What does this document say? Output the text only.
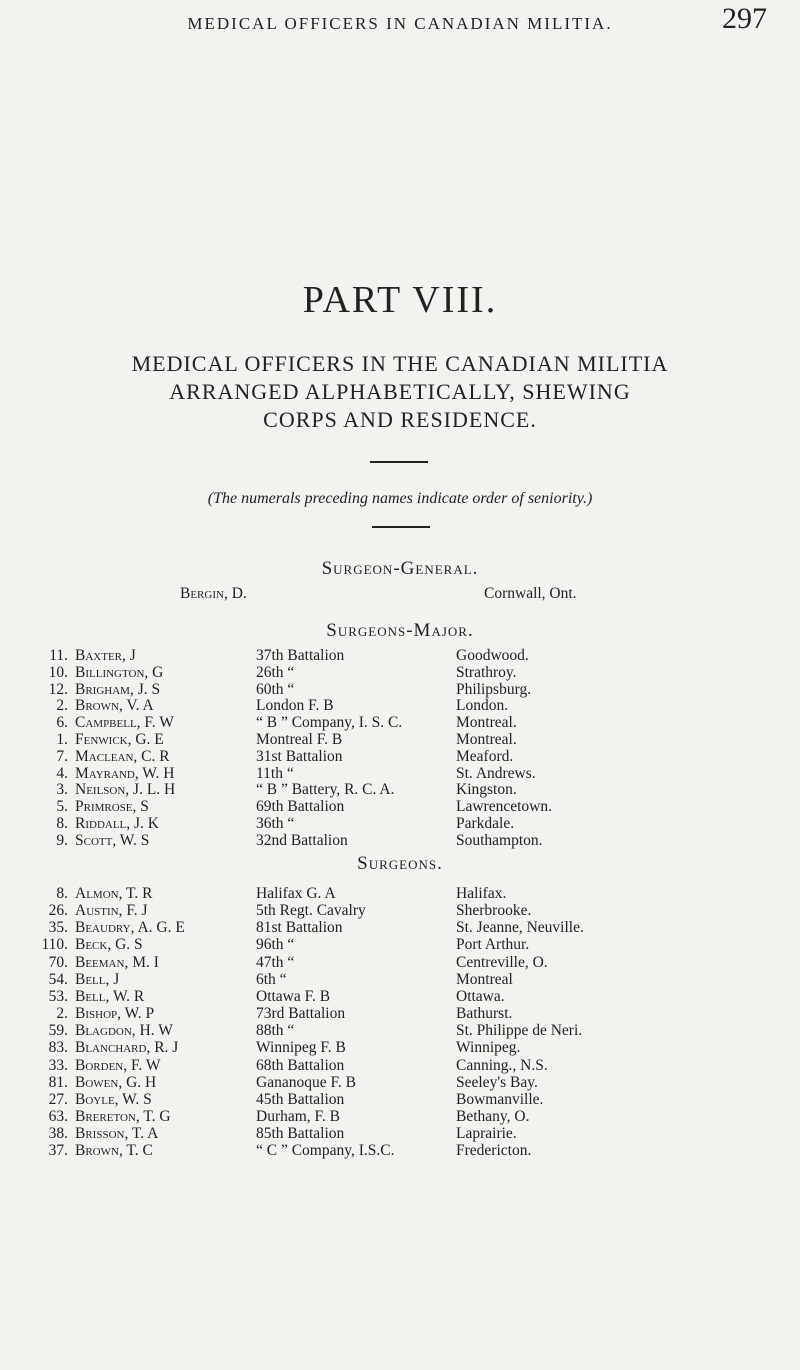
MEDICAL OFFICERS IN CANADIAN MILITIA.	297
PART VIII.
MEDICAL OFFICERS IN THE CANADIAN MILITIA
ARRANGED ALPHABETICALLY, SHEWING
CORPS AND RESIDENCE.
(The numerals preceding names indicate order of seniority.)
Surgeon-General.
Bergin, D.	Cornwall, Ont.
Surgeons-Major.
11. Baxter, J	37th Battalion	Goodwood.
10. Billington, G	26th “	Strathroy.
12. Brigham, J. S	60th “	Philipsburg.
2. Brown, V. A	London F. B	London.
6. Campbell, F. W	“ B ” Company, I. S. C.	Montreal.
1. Fenwick, G. E	Montreal F. B	Montreal.
7. Maclean, C. R	31st Battalion	Meaford.
4. Mayrand, W. H	11th “	St. Andrews.
3. Neilson, J. L. H	“ B ” Battery, R. C. A.	Kingston.
5. Primrose, S	69th Battalion	Lawrencetown.
8. Riddall, J. K	36th “	Parkdale.
9. Scott, W. S	32nd Battalion	Southampton.
Surgeons.
8. Almon, T. R	Halifax G. A	Halifax.
26. Austin, F. J	5th Regt. Cavalry	Sherbrooke.
35. Beaudry, A. G. E	81st Battalion	St. Jeanne, Neuville.
110. Beck, G. S	96th “	Port Arthur.
70. Beeman, M. I	47th “	Centreville, O.
54. Bell, J	6th “	Montreal
53. Bell, W. R	Ottawa F. B	Ottawa.
2. Bishop, W. P	73rd Battalion	Bathurst.
59. Blagdon, H. W	88th “	St. Philippe de Neri.
83. Blanchard, R. J	Winnipeg F. B	Winnipeg.
33. Borden, F. W	68th Battalion	Canning., N.S.
81. Bowen, G. H	Gananoque F. B	Seeley's Bay.
27. Boyle, W. S	45th Battalion	Bowmanville.
63. Brereton, T. G	Durham, F. B	Bethany, O.
38. Brisson, T. A	85th Battalion	Laprairie.
37. Brown, T. C	“ C ” Company, I.S.C.	Fredericton.
